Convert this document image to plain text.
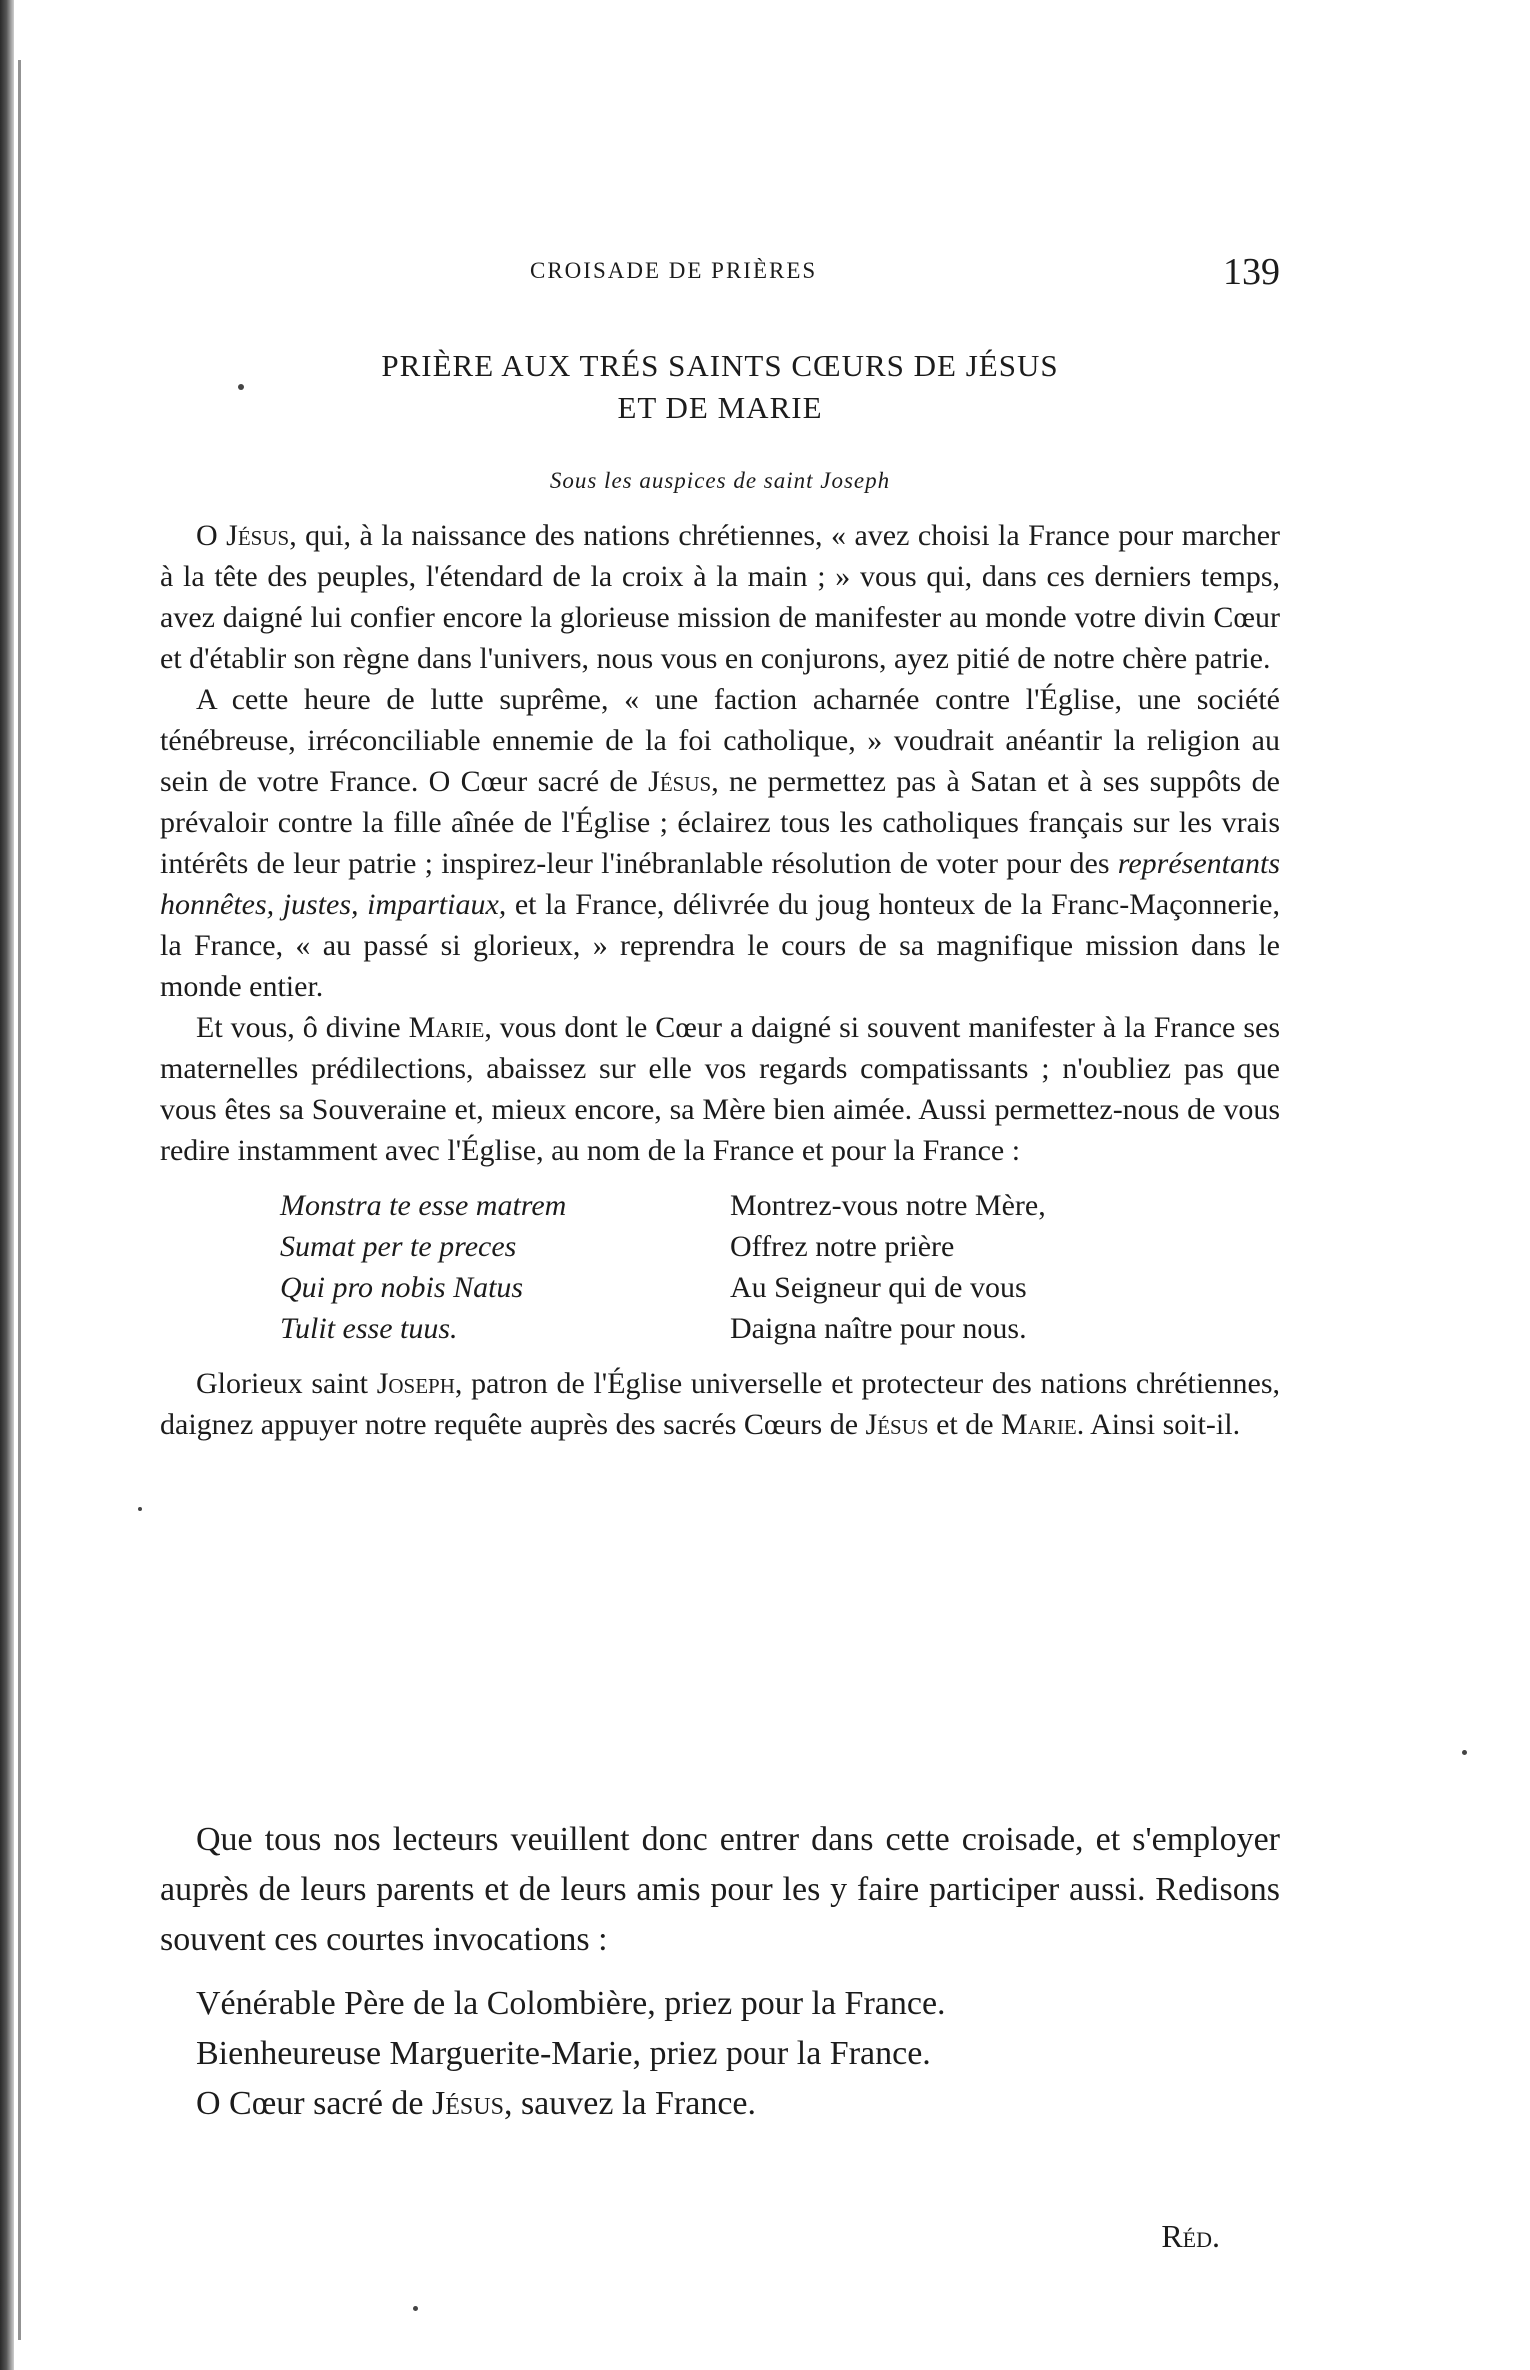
CROISADE DE PRIÈRES	139
PRIÈRE AUX TRÉS SAINTS CŒURS DE JÉSUS
ET DE MARIE
Sous les auspices de saint Joseph

O Jésus, qui, à la naissance des nations chrétiennes, « avez choisi la France pour marcher à la tête des peuples, l'étendard de la croix à la main ; » vous qui, dans ces derniers temps, avez daigné lui confier encore la glorieuse mission de manifester au monde votre divin Cœur et d'établir son règne dans l'univers, nous vous en conjurons, ayez pitié de notre chère patrie.

A cette heure de lutte suprême, « une faction acharnée contre l'Église, une société ténébreuse, irréconciliable ennemie de la foi catholique, » voudrait anéantir la religion au sein de votre France. O Cœur sacré de Jésus, ne permettez pas à Satan et à ses suppôts de prévaloir contre la fille aînée de l'Église ; éclairez tous les catholiques français sur les vrais intérêts de leur patrie ; inspirez-leur l'inébranlable résolution de voter pour des représentants honnêtes, justes, impartiaux, et la France, délivrée du joug honteux de la Franc-Maçonnerie, la France, « au passé si glorieux, » reprendra le cours de sa magnifique mission dans le monde entier.

Et vous, ô divine Marie, vous dont le Cœur a daigné si souvent manifester à la France ses maternelles prédilections, abaissez sur elle vos regards compatissants ; n'oubliez pas que vous êtes sa Souveraine et, mieux encore, sa Mère bien aimée. Aussi permettez-nous de vous redire instamment avec l'Église, au nom de la France et pour la France :

Monstra te esse matrem	Montrez-vous notre Mère,
Sumat per te preces	Offrez notre prière
Qui pro nobis Natus	Au Seigneur qui de vous
Tulit esse tuus.	Daigna naître pour nous.

Glorieux saint Joseph, patron de l'Église universelle et protecteur des nations chrétiennes, daignez appuyer notre requête auprès des sacrés Cœurs de Jésus et de Marie. Ainsi soit-il.

Que tous nos lecteurs veuillent donc entrer dans cette croisade, et s'employer auprès de leurs parents et de leurs amis pour les y faire participer aussi. Redisons souvent ces courtes invocations :

Vénérable Père de la Colombière, priez pour la France.
Bienheureuse Marguerite-Marie, priez pour la France.
O Cœur sacré de Jésus, sauvez la France.
Réd.
